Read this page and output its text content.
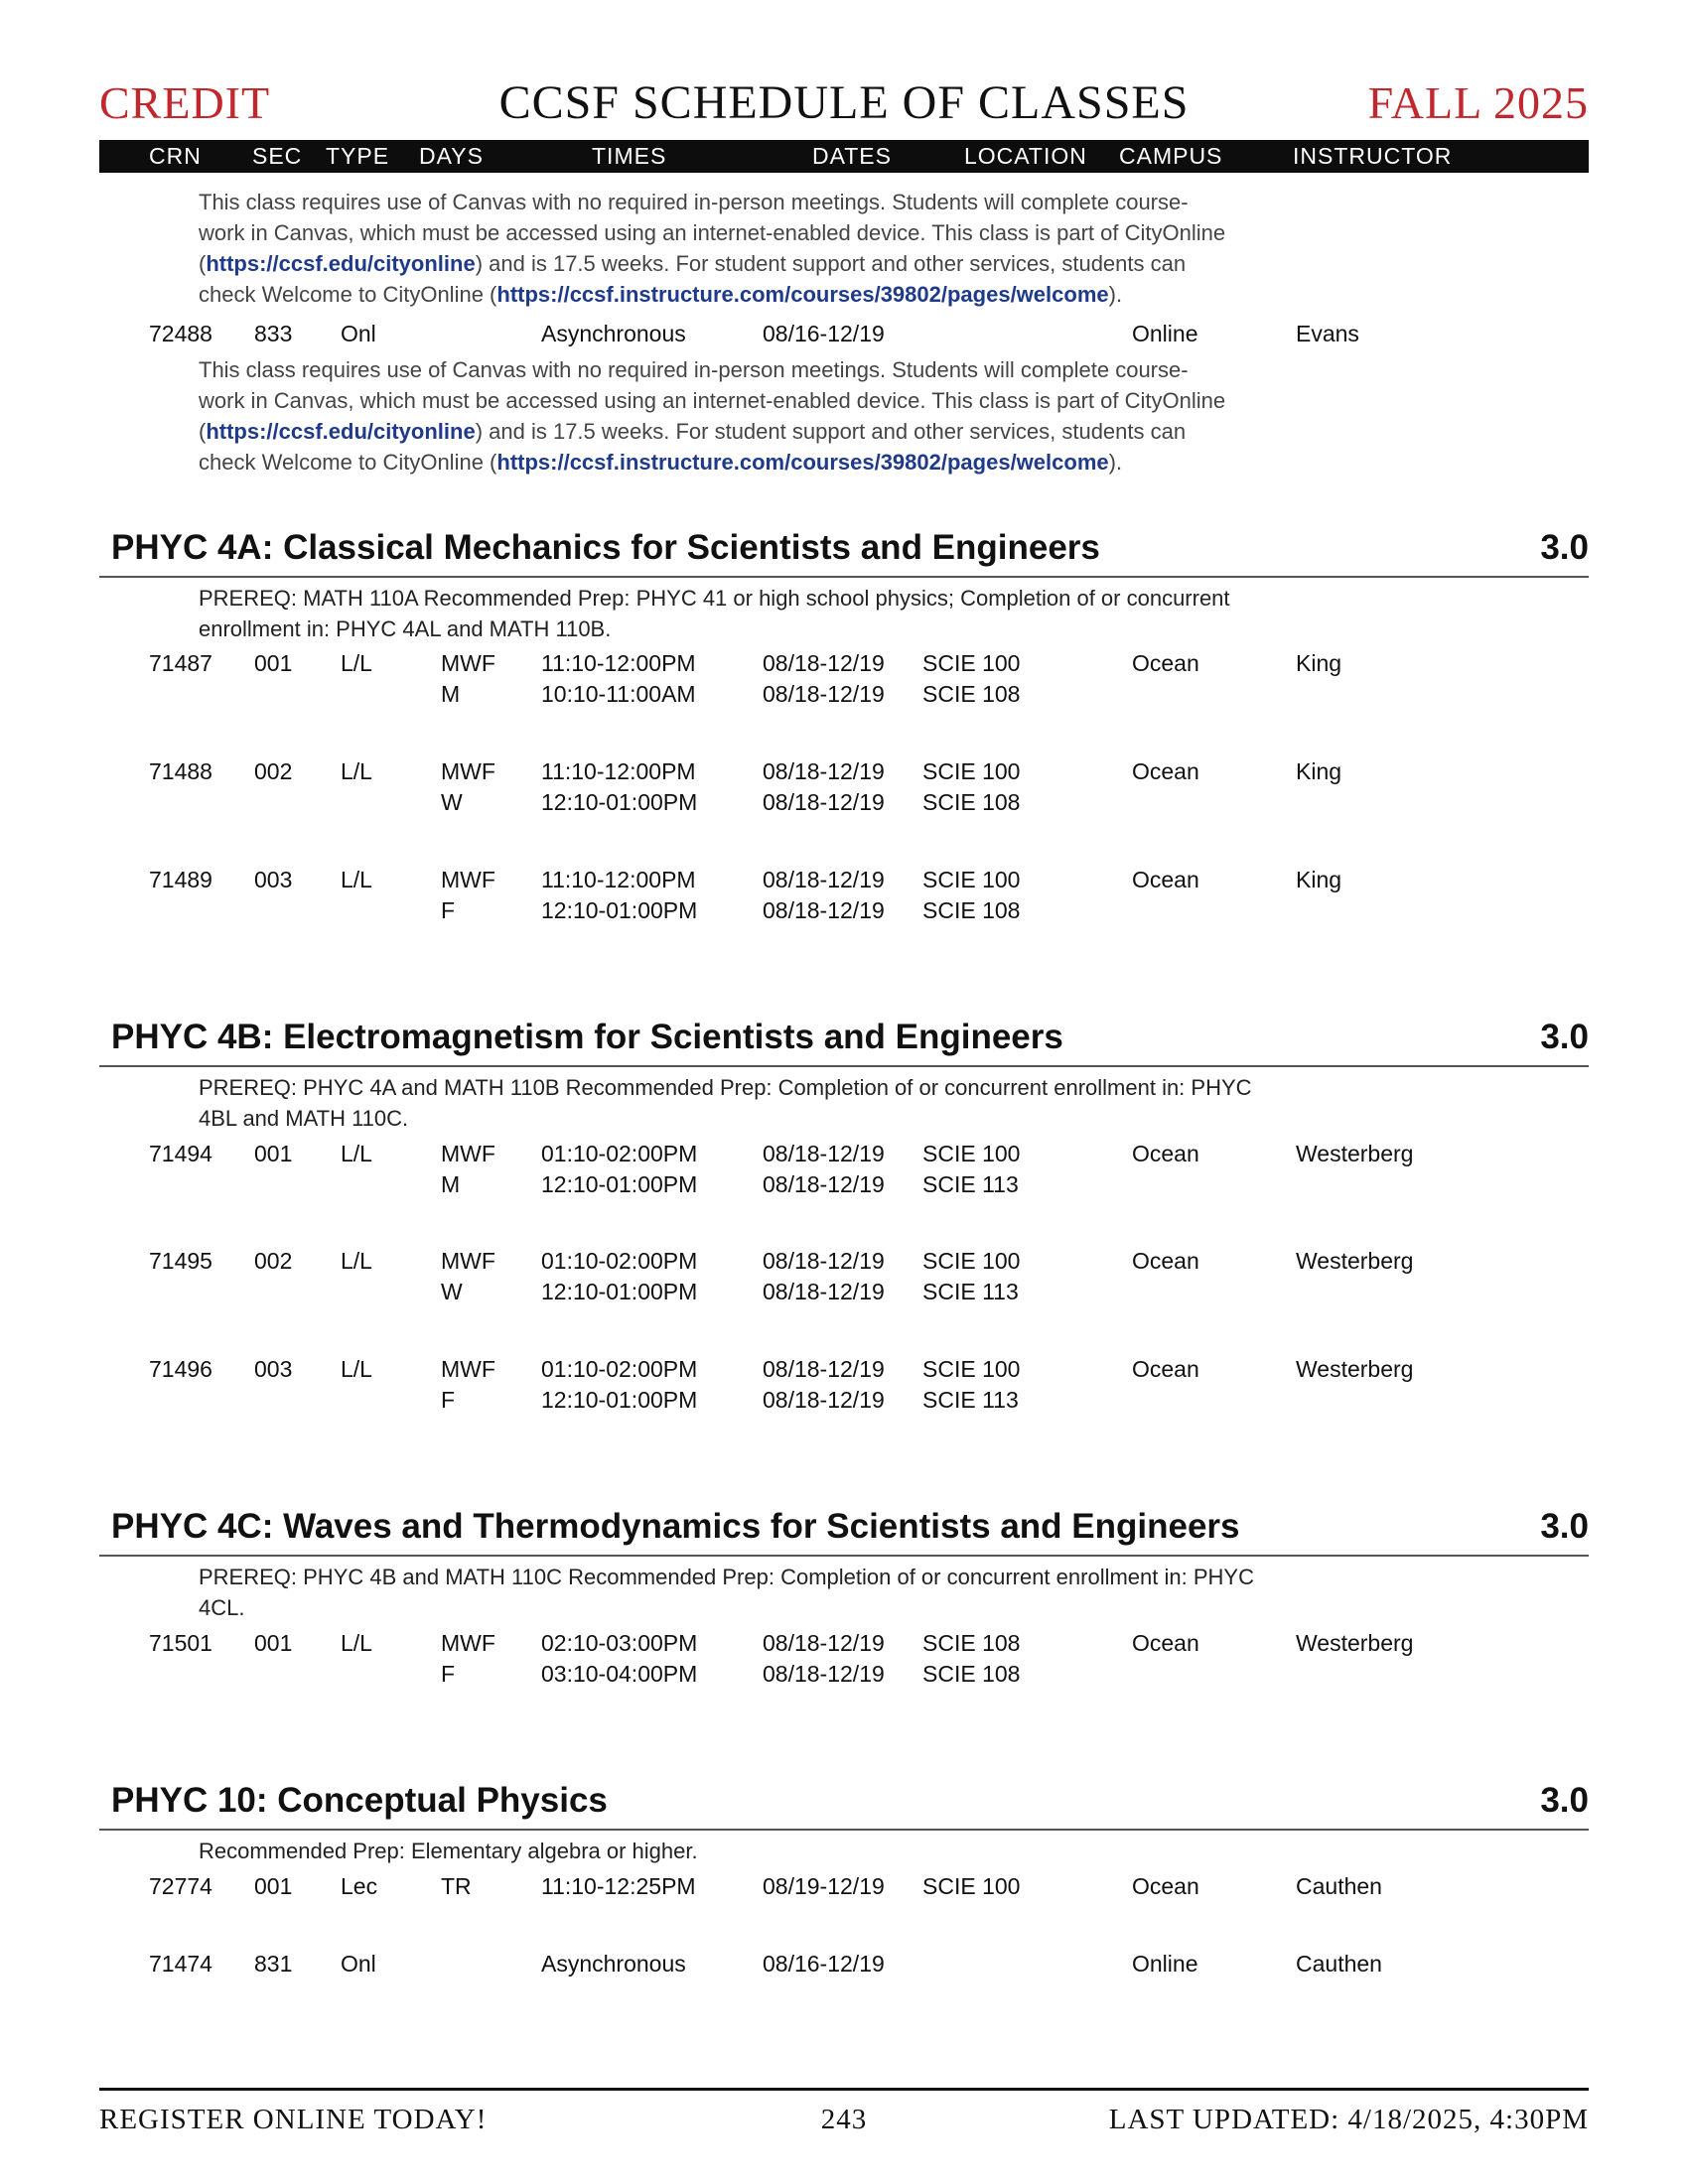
CCSF SCHEDULE OF CLASSES
CREDIT	FALL 2025
CRN SEC TYPE DAYS	TIMES	DATES	LOCATION CAMPUS	INSTRUCTOR
This class requires use of Canvas with no required in-person meetings. Students will complete course-
work in Canvas, which must be accessed using an internet-enabled device. This class is part of CityOnline
(https://ccsf.edu/cityonline) and is 17.5 weeks. For student support and other services, students can
check Welcome to CityOnline (https://ccsf.instructure.com/courses/39802/pages/welcome).
72488 833 Onl	Asynchronous	08/16-12/19	Online	Evans
This class requires use of Canvas with no required in-person meetings. Students will complete course-
work in Canvas, which must be accessed using an internet-enabled device. This class is part of CityOnline
(https://ccsf.edu/cityonline) and is 17.5 weeks. For student support and other services, students can
check Welcome to CityOnline (https://ccsf.instructure.com/courses/39802/pages/welcome).
PHYC 4A: Classical Mechanics for Scientists and Engineers	3.0
PREREQ: MATH 110A Recommended Prep: PHYC 41 or high school physics; Completion of or concurrent
enrollment in: PHYC 4AL and MATH 110B.
71487 001 L/L	MWF 11:10-12:00PM	08/18-12/19 SCIE 100	Ocean	King
M	10:10-11:00AM	08/18-12/19 SCIE 108
71488 002 L/L	MWF 11:10-12:00PM	08/18-12/19 SCIE 100	Ocean	King
W	12:10-01:00PM	08/18-12/19 SCIE 108
71489 003 L/L	MWF 11:10-12:00PM	08/18-12/19 SCIE 100	Ocean	King
F	12:10-01:00PM	08/18-12/19 SCIE 108
PHYC 4B: Electromagnetism for Scientists and Engineers	3.0
PREREQ: PHYC 4A and MATH 110B Recommended Prep: Completion of or concurrent enrollment in: PHYC
4BL and MATH 110C.
71494 001 L/L	MWF 01:10-02:00PM	08/18-12/19 SCIE 100	Ocean	Westerberg
M	12:10-01:00PM	08/18-12/19 SCIE 113
71495 002 L/L	MWF 01:10-02:00PM	08/18-12/19 SCIE 100	Ocean	Westerberg
W	12:10-01:00PM	08/18-12/19 SCIE 113
71496 003 L/L	MWF 01:10-02:00PM	08/18-12/19 SCIE 100	Ocean	Westerberg
F	12:10-01:00PM	08/18-12/19 SCIE 113
PHYC 4C: Waves and Thermodynamics for Scientists and Engineers	3.0
PREREQ: PHYC 4B and MATH 110C Recommended Prep: Completion of or concurrent enrollment in: PHYC
4CL.
71501 001 L/L	MWF 02:10-03:00PM	08/18-12/19 SCIE 108	Ocean	Westerberg
F	03:10-04:00PM	08/18-12/19 SCIE 108
PHYC 10: Conceptual Physics	3.0
Recommended Prep: Elementary algebra or higher.
72774 001 Lec	TR	11:10-12:25PM	08/19-12/19 SCIE 100	Ocean	Cauthen
71474 831 Onl	Asynchronous	08/16-12/19	Online	Cauthen
REGISTER ONLINE TODAY!	243	LAST UPDATED: 4/18/2025, 4:30PM
